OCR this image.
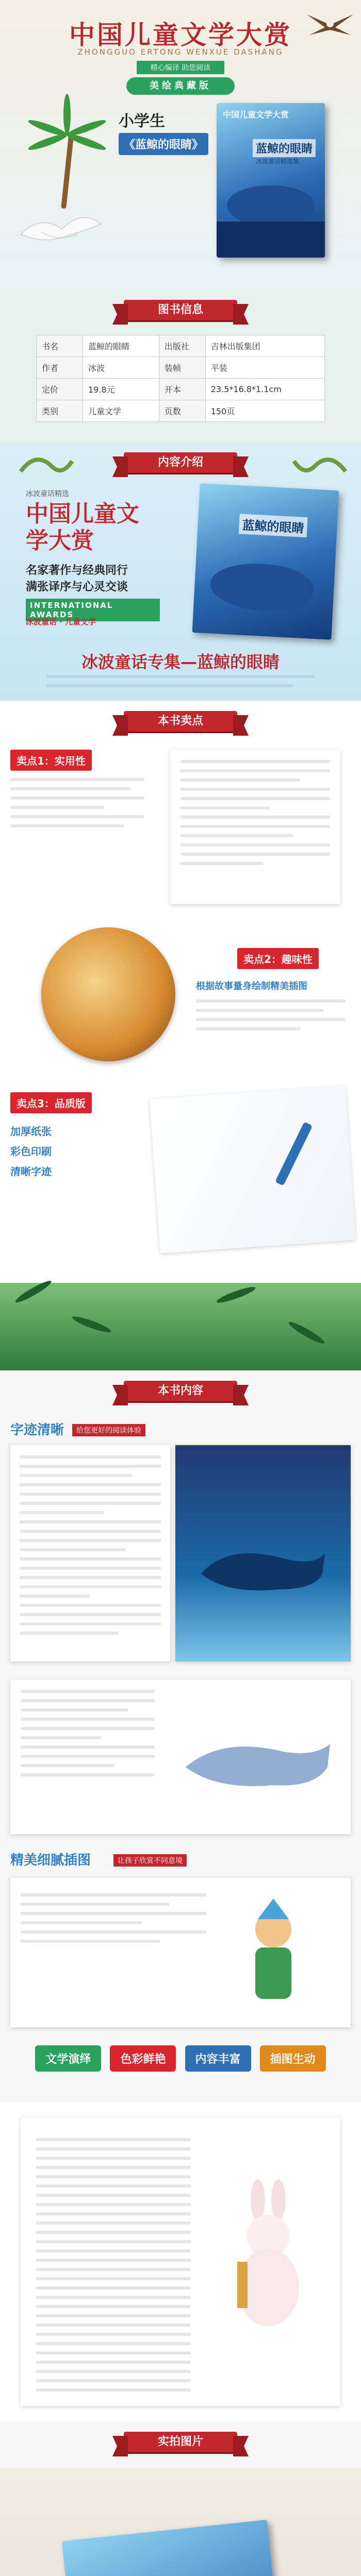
中国儿童文学大赏
ZHONGGUO ERTONG WENXUE DASHANG
精心编译 助您阅读
美绘典藏版
小学生
《蓝鲸的眼睛》
中国儿童文学大赏
蓝鲸的眼睛
冰波童话精选集
图书信息
书名	蓝鲸的眼睛	出版社	吉林出版集团
作者	冰波	装帧	平装
定价	19.8元	开本	23.5*16.8*1.1cm
类别	儿童文学	页数	150页
内容介绍
冰波童话精选
中国儿童文学大赏
名家著作与经典同行
满张译序与心灵交谈
INTERNATIONAL AWARDS
冰波童话 · 儿童文学
蓝鲸的眼睛
冰波童话专集—蓝鲸的眼睛
本书卖点
卖点1：实用性
卖点2：趣味性
根据故事量身绘制精美插图
卖点3：品质版
加厚纸张
彩色印刷
清晰字迹
本书内容
字迹清晰	给您更好的阅读体验
精美细腻插图	让孩子欣赏不同意境
文学演绎	色彩鲜艳	内容丰富	插图生动
实拍图片
